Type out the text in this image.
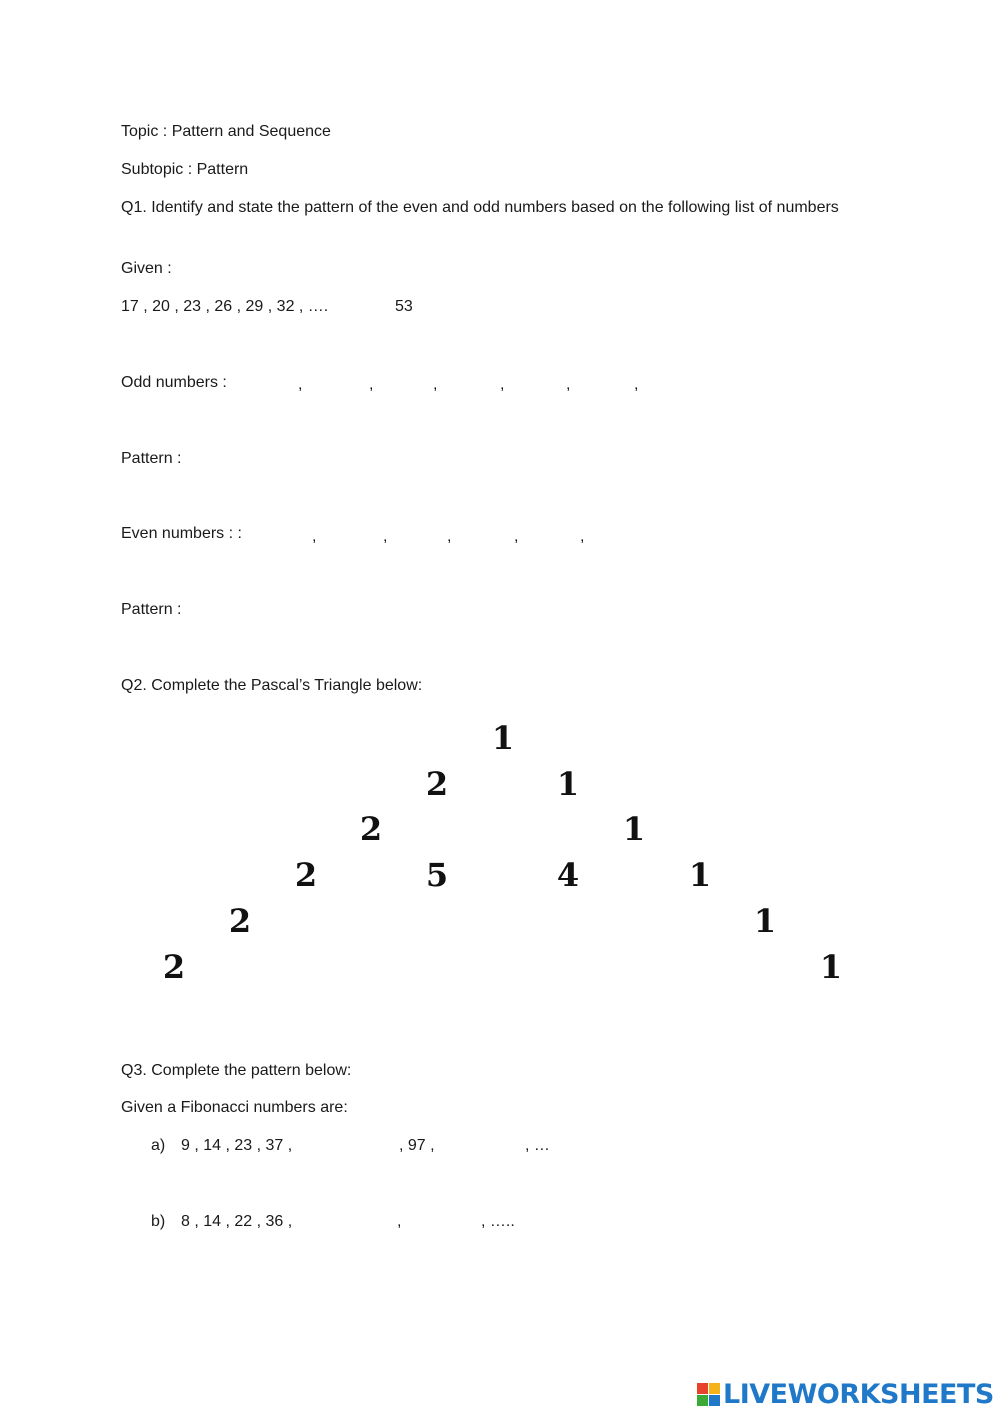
Topic : Pattern and Sequence
Subtopic : Pattern
Q1. Identify and state the pattern of the even and odd numbers based on the following list of numbers
Given :
17 , 20 , 23 , 26 , 29 , 32 , ….	53
Odd numbers :	,	,	,	,	,	,
Pattern :
Even numbers : :	,	,	,	,	,
Pattern :
Q2. Complete the Pascal’s Triangle below:
1
2	1
2	1
2	5	4	1
2	1
2	1
Q3. Complete the pattern below:
Given a Fibonacci numbers are:
a) 9 , 14 , 23 , 37 ,	, 97 ,	, …
b) 8 , 14 , 22 , 36 ,	,	, …..
LIVEWORKSHEETS
